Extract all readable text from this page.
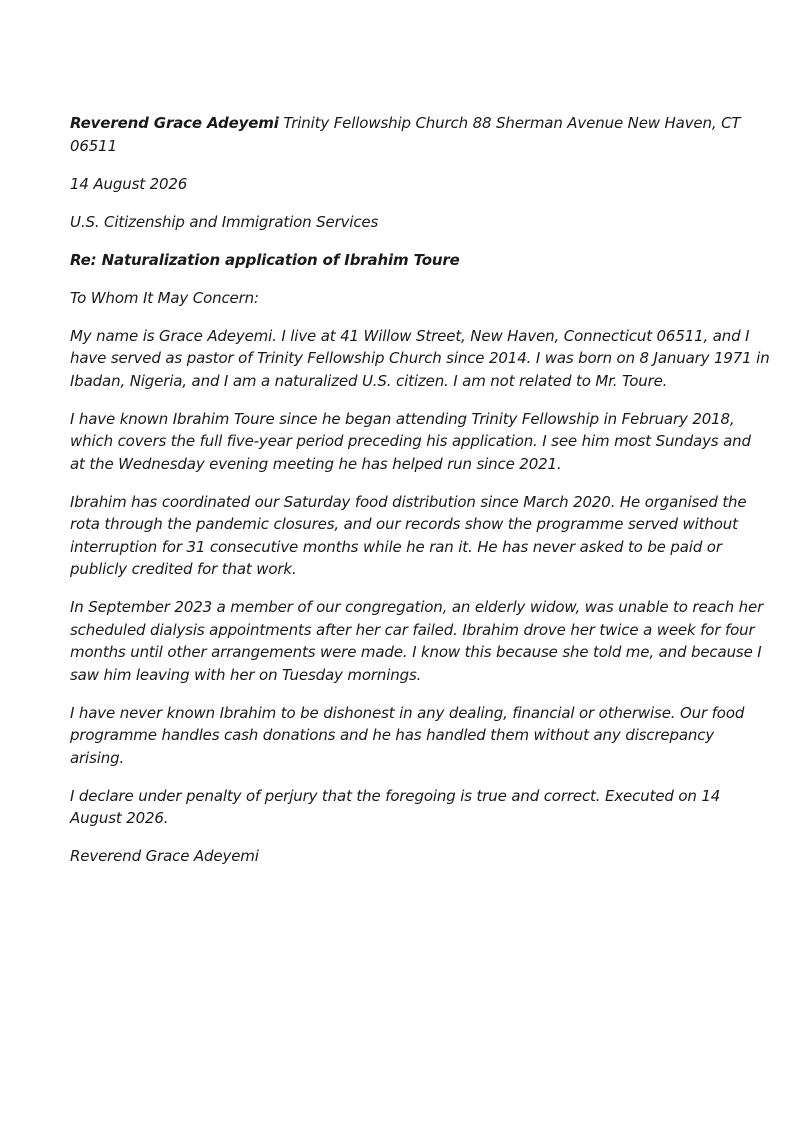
Reverend Grace Adeyemi Trinity Fellowship Church 88 Sherman Avenue New Haven, CT 06511

14 August 2026

U.S. Citizenship and Immigration Services

Re: Naturalization application of Ibrahim Toure

To Whom It May Concern:

My name is Grace Adeyemi. I live at 41 Willow Street, New Haven, Connecticut 06511, and I have served as pastor of Trinity Fellowship Church since 2014. I was born on 8 January 1971 in Ibadan, Nigeria, and I am a naturalized U.S. citizen. I am not related to Mr. Toure.

I have known Ibrahim Toure since he began attending Trinity Fellowship in February 2018, which covers the full five-year period preceding his application. I see him most Sundays and at the Wednesday evening meeting he has helped run since 2021.

Ibrahim has coordinated our Saturday food distribution since March 2020. He organised the rota through the pandemic closures, and our records show the programme served without interruption for 31 consecutive months while he ran it. He has never asked to be paid or publicly credited for that work.

In September 2023 a member of our congregation, an elderly widow, was unable to reach her scheduled dialysis appointments after her car failed. Ibrahim drove her twice a week for four months until other arrangements were made. I know this because she told me, and because I saw him leaving with her on Tuesday mornings.

I have never known Ibrahim to be dishonest in any dealing, financial or otherwise. Our food programme handles cash donations and he has handled them without any discrepancy arising.

I declare under penalty of perjury that the foregoing is true and correct. Executed on 14 August 2026.

Reverend Grace Adeyemi
